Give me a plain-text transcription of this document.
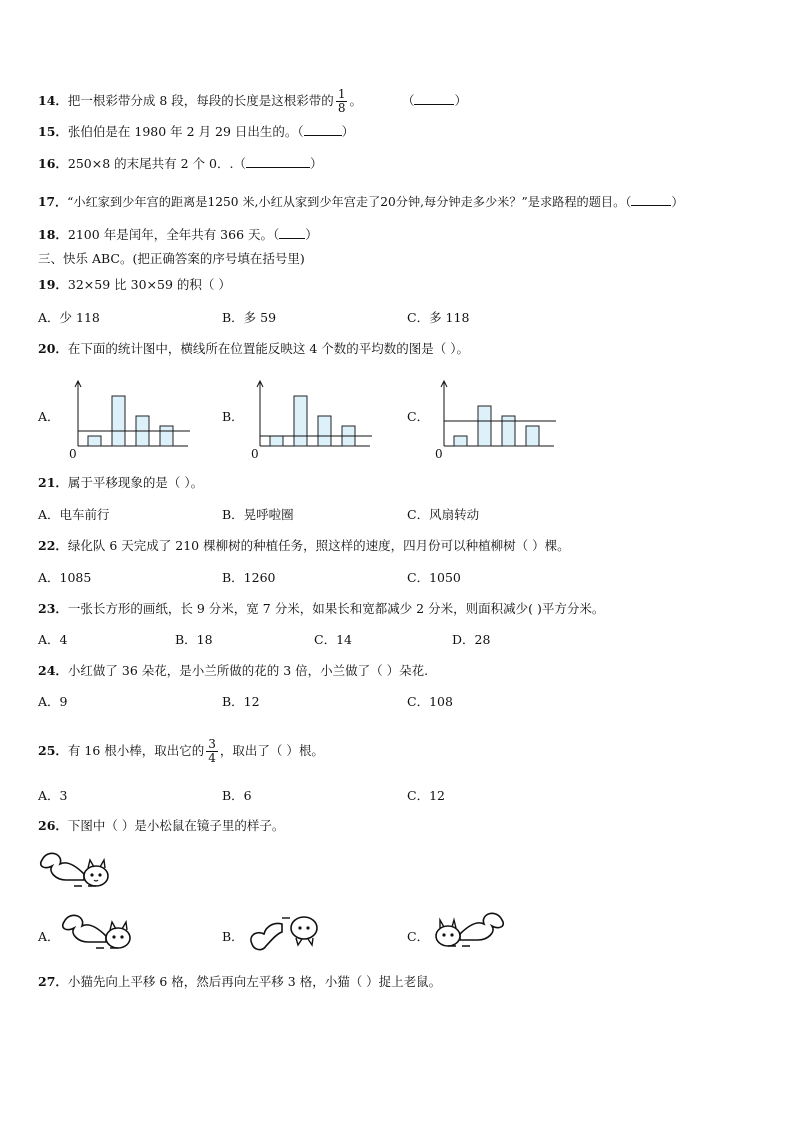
14．把一根彩带分成 8 段，每段的长度是这根彩带的 $\frac{1}{8}$ 。	（	）
15．张伯伯是在 1980 年 2 月 29 日出生的。（	）
16．250×8 的末尾共有 2 个 0．.（	）
17．“小红家到少年宫的距离是1250 米,小红从家到少年宫走了20分钟,每分钟走多少米？”是求路程的题目。（	）
18．2100 年是闰年，全年共有 366 天。（ ）
三、快乐 ABC。(把正确答案的序号填在括号里)
19．32×59 比 30×59 的积（ ）
A．少 118	B．多 59	C．多 118
20．在下面的统计图中，横线所在位置能反映这 4 个数的平均数的图是（ ）。
A．	B．	C．
0	0	0
21．属于平移现象的是（ ）。
A．电车前行	B．晃呼啦圈	C．风扇转动
22．绿化队 6 天完成了 210 棵柳树的种植任务，照这样的速度，四月份可以种植柳树（ ）棵。
A．1085	B．1260	C．1050
23．一张长方形的画纸，长 9 分米，宽 7 分米，如果长和宽都减少 2 分米，则面积减少( )平方分米。
A．4	B．18	C．14	D．28
24．小红做了 36 朵花，是小兰所做的花的 3 倍，小兰做了（ ）朵花.
A．9	B．12	C．108
25．有 16 根小棒，取出它的 $\frac{3}{4}$ ，取出了（ ）根。
A．3	B．6	C．12
26．下图中（ ）是小松鼠在镜子里的样子。
A．	B．	C．
27．小猫先向上平移 6 格，然后再向左平移 3 格，小猫（ ）捉上老鼠。
